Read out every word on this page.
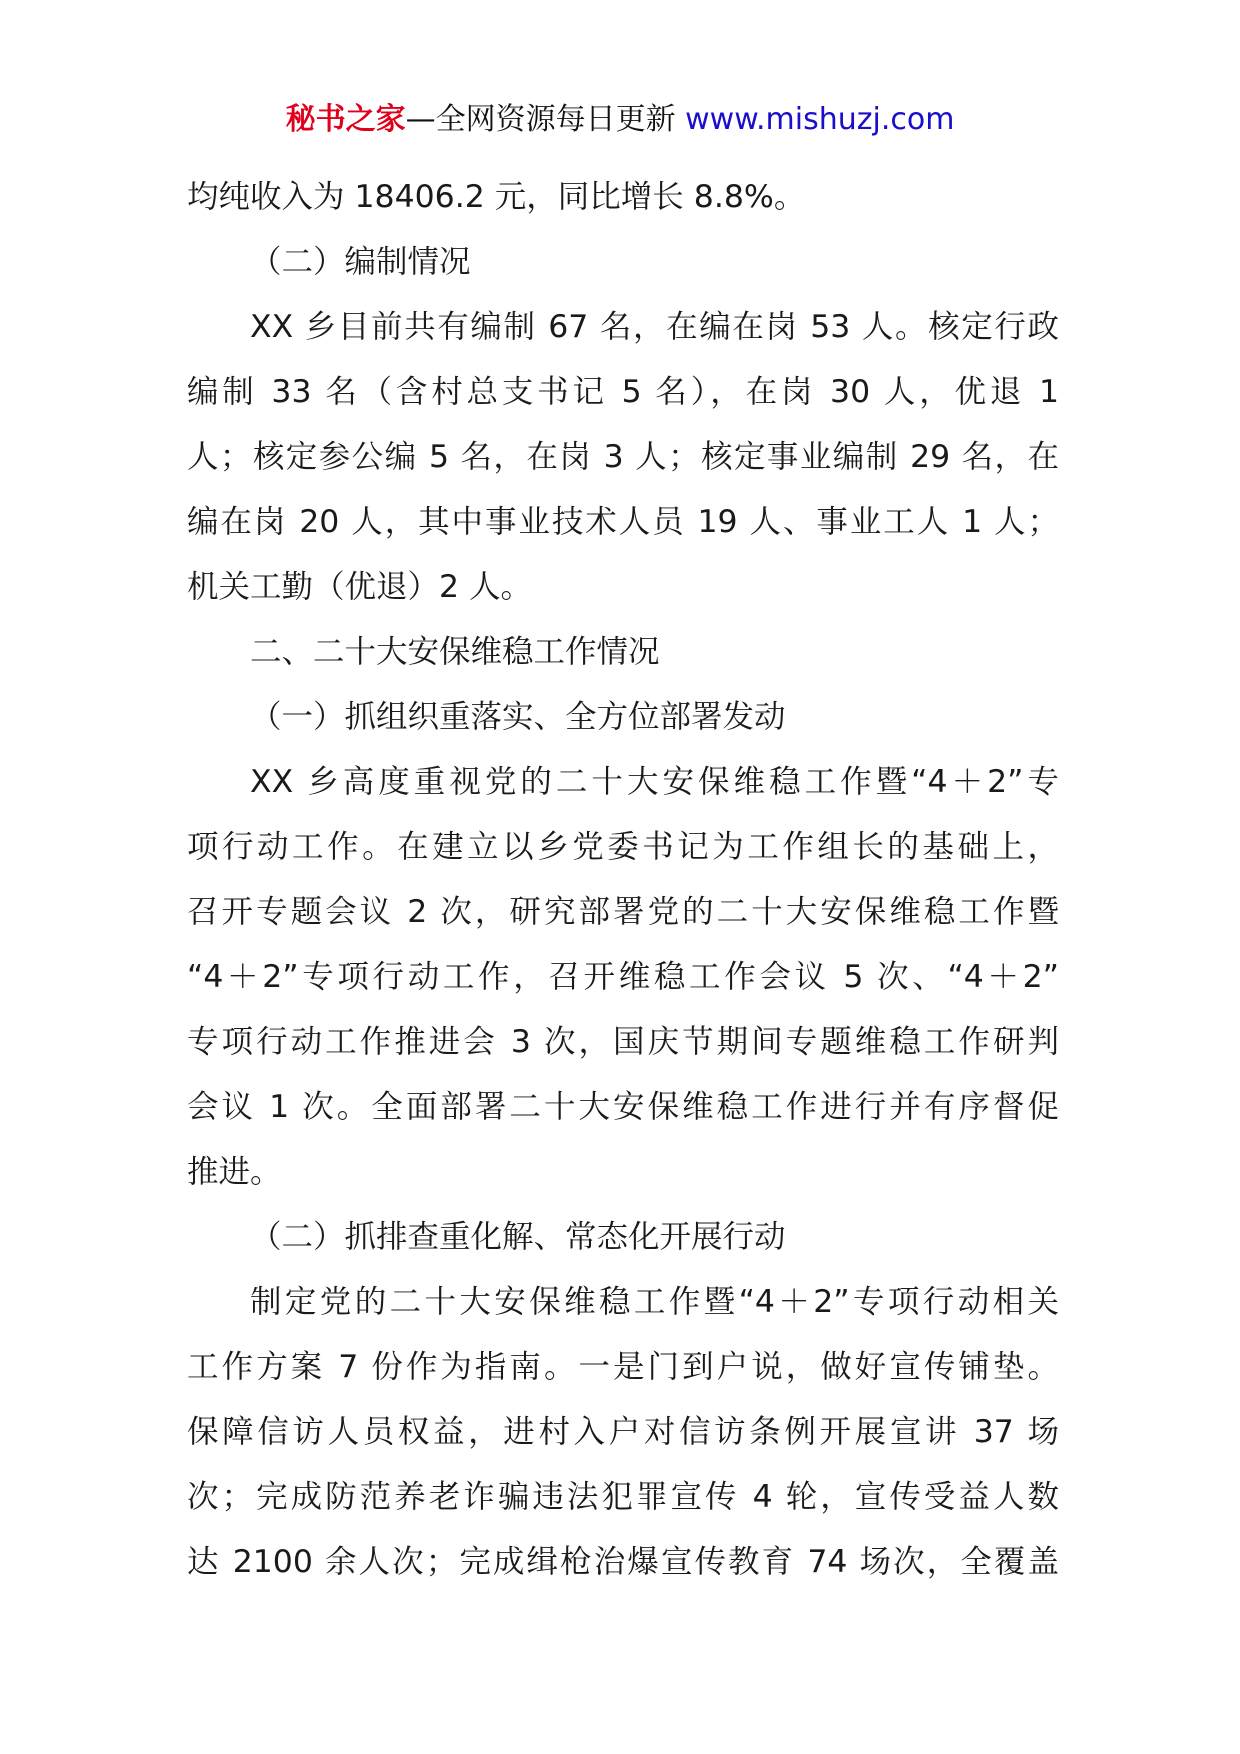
秘书之家—全网资源每日更新 www.mishuzj.com
均纯收入为 18406.2 元，同比增长 8.8%。
（二）编制情况
XX 乡目前共有编制 67 名，在编在岗 53 人。核定行政
编制 33 名（含村总支书记 5 名），在岗 30 人，优退 1
人；核定参公编 5 名，在岗 3 人；核定事业编制 29 名，在
编在岗 20 人，其中事业技术人员 19 人、事业工人 1 人；
机关工勤（优退）2 人。
二、二十大安保维稳工作情况
（一）抓组织重落实、全方位部署发动
XX 乡高度重视党的二十大安保维稳工作暨“4＋2”专
项行动工作。在建立以乡党委书记为工作组长的基础上，
召开专题会议 2 次，研究部署党的二十大安保维稳工作暨
“4＋2”专项行动工作，召开维稳工作会议 5 次、“4＋2”
专项行动工作推进会 3 次，国庆节期间专题维稳工作研判
会议 1 次。全面部署二十大安保维稳工作进行并有序督促
推进。
（二）抓排查重化解、常态化开展行动
制定党的二十大安保维稳工作暨“4＋2”专项行动相关
工作方案 7 份作为指南。一是门到户说，做好宣传铺垫。
保障信访人员权益，进村入户对信访条例开展宣讲 37 场
次；完成防范养老诈骗违法犯罪宣传 4 轮，宣传受益人数
达 2100 余人次；完成缉枪治爆宣传教育 74 场次，全覆盖
